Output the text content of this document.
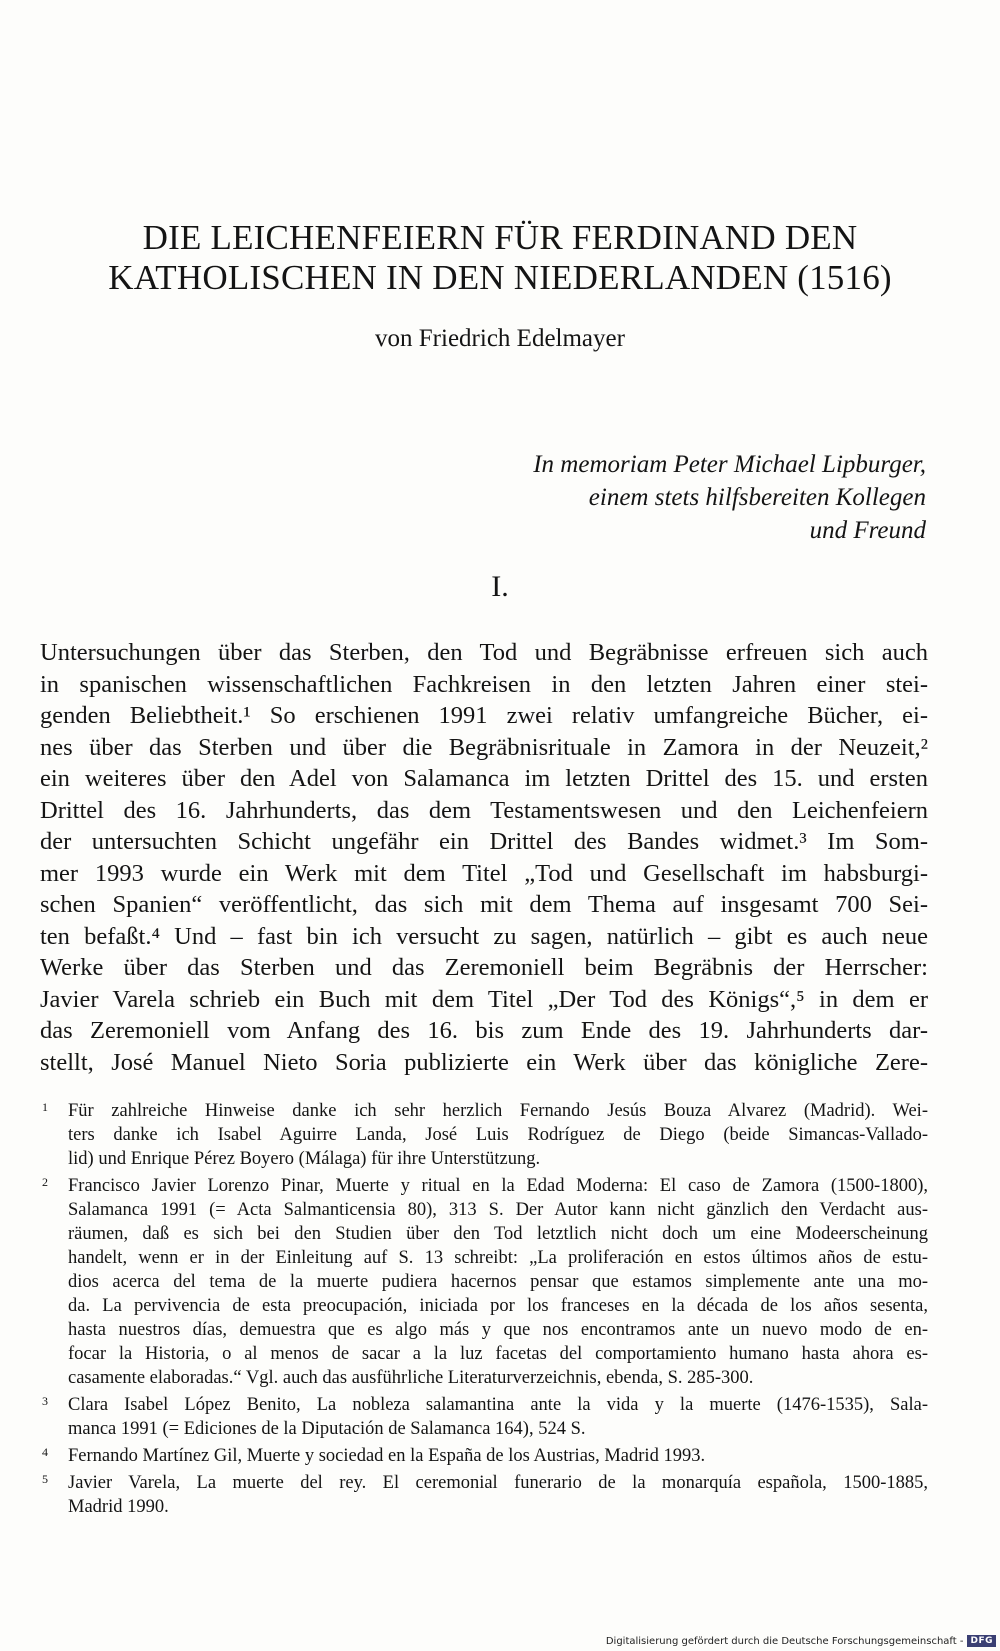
DIE LEICHENFEIERN FÜR FERDINAND DEN
KATHOLISCHEN IN DEN NIEDERLANDEN (1516)
von Friedrich Edelmayer
In memoriam Peter Michael Lipburger,
einem stets hilfsbereiten Kollegen
und Freund
I.
Untersuchungen über das Sterben, den Tod und Begräbnisse erfreuen sich auch
in spanischen wissenschaftlichen Fachkreisen in den letzten Jahren einer stei-
genden Beliebtheit.¹ So erschienen 1991 zwei relativ umfangreiche Bücher, ei-
nes über das Sterben und über die Begräbnisrituale in Zamora in der Neuzeit,²
ein weiteres über den Adel von Salamanca im letzten Drittel des 15. und ersten
Drittel des 16. Jahrhunderts, das dem Testamentswesen und den Leichenfeiern
der untersuchten Schicht ungefähr ein Drittel des Bandes widmet.³ Im Som-
mer 1993 wurde ein Werk mit dem Titel „Tod und Gesellschaft im habsburgi-
schen Spanien“ veröffentlicht, das sich mit dem Thema auf insgesamt 700 Sei-
ten befaßt.⁴ Und – fast bin ich versucht zu sagen, natürlich – gibt es auch neue
Werke über das Sterben und das Zeremoniell beim Begräbnis der Herrscher:
Javier Varela schrieb ein Buch mit dem Titel „Der Tod des Königs“,⁵ in dem er
das Zeremoniell vom Anfang des 16. bis zum Ende des 19. Jahrhunderts dar-
stellt, José Manuel Nieto Soria publizierte ein Werk über das königliche Zere-
1 Für zahlreiche Hinweise danke ich sehr herzlich Fernando Jesús Bouza Alvarez (Madrid). Wei-
ters danke ich Isabel Aguirre Landa, José Luis Rodríguez de Diego (beide Simancas-Vallado-
lid) und Enrique Pérez Boyero (Málaga) für ihre Unterstützung.
2 Francisco Javier Lorenzo Pinar, Muerte y ritual en la Edad Moderna: El caso de Zamora (1500-1800),
Salamanca 1991 (= Acta Salmanticensia 80), 313 S. Der Autor kann nicht gänzlich den Verdacht aus-
räumen, daß es sich bei den Studien über den Tod letztlich nicht doch um eine Modeerscheinung
handelt, wenn er in der Einleitung auf S. 13 schreibt: „La proliferación en estos últimos años de estu-
dios acerca del tema de la muerte pudiera hacernos pensar que estamos simplemente ante una mo-
da. La pervivencia de esta preocupación, iniciada por los franceses en la década de los años sesenta,
hasta nuestros días, demuestra que es algo más y que nos encontramos ante un nuevo modo de en-
focar la Historia, o al menos de sacar a la luz facetas del comportamiento humano hasta ahora es-
casamente elaboradas.“ Vgl. auch das ausführliche Literaturverzeichnis, ebenda, S. 285-300.
3 Clara Isabel López Benito, La nobleza salamantina ante la vida y la muerte (1476-1535), Sala-
manca 1991 (= Ediciones de la Diputación de Salamanca 164), 524 S.
4 Fernando Martínez Gil, Muerte y sociedad en la España de los Austrias, Madrid 1993.
5 Javier Varela, La muerte del rey. El ceremonial funerario de la monarquía española, 1500-1885,
Madrid 1990.
Digitalisierung gefördert durch die Deutsche Forschungsgemeinschaft - DFG
